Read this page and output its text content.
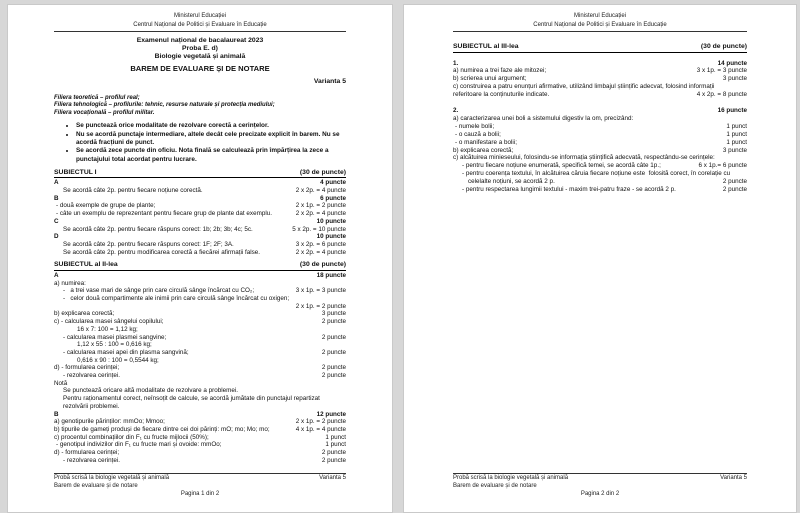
Ministerul Educației
Centrul Național de Politici și Evaluare în Educație
Examenul național de bacalaureat 2023
Proba E. d)
Biologie vegetală și animală
BAREM DE EVALUARE ȘI DE NOTARE
Varianta 5
Filiera teoretică – profilul real;
Filiera tehnologică – profilurile: tehnic, resurse naturale și protecția mediului;
Filiera vocațională – profilul militar.
• Se punctează orice modalitate de rezolvare corectă a cerințelor.
• Nu se acordă punctaje intermediare, altele decât cele precizate explicit în barem. Nu se acordă fracțiuni de punct.
• Se acordă zece puncte din oficiu. Nota finală se calculează prin împărțirea la zece a punctajului total acordat pentru lucrare.
SUBIECTUL I	(30 de puncte)
A	4 puncte
Se acordă câte 2p. pentru fiecare noțiune corectă.	2 x 2p. = 4 puncte
B	6 puncte
- două exemple de grupe de plante;	2 x 1p. = 2 puncte
- câte un exemplu de reprezentant pentru fiecare grup de plante dat exemplu.	2 x 2p. = 4 puncte
C	10 puncte
Se acordă câte 2p. pentru fiecare răspuns corect: 1b; 2b; 3b; 4c; 5c.	5 x 2p. = 10 puncte
D	10 puncte
Se acordă câte 2p. pentru fiecare răspuns corect: 1F; 2F; 3A.	3 x 2p. = 6 puncte
Se acordă câte 2p. pentru modificarea corectă a fiecărei afirmații false.	2 x 2p. = 4 puncte
SUBIECTUL al II-lea	(30 de puncte)
A	18 puncte
a) numirea:
-   a trei vase mari de sânge prin care circulă sânge încărcat cu CO₂;	3 x 1p. = 3 puncte
-   celor două compartimente ale inimii prin care circulă sânge încărcat cu oxigen;
2 x 1p. = 2 puncte
b) explicarea corectă;	3 puncte
c) - calcularea masei sângelui copilului;	2 puncte
16 x 7: 100 = 1,12 kg;
- calcularea masei plasmei sangvine;	2 puncte
1,12 x 55 : 100 = 0,616 kg;
- calcularea masei apei din plasma sangvină;	2 puncte
0,616 x 90 : 100 = 0,5544 kg;
d) - formularea cerinței;	2 puncte
- rezolvarea cerinței.	2 puncte
Notă
Se punctează oricare altă modalitate de rezolvare a problemei.
Pentru raționamentul corect, neînsoțit de calcule, se acordă jumătate din punctajul repartizat
rezolvării problemei.
B	12 puncte
a) genotipurile părinților: mmOo; Mmoo;	2 x 1p. = 2 puncte
b) tipurile de gameți produși de fiecare dintre cei doi părinți: mO; mo; Mo; mo;	4 x 1p. = 4 puncte
c) procentul combinațiilor din F₁ cu fructe mijlocii (50%);	1 punct
- genotipul indivizilor din F₁ cu fructe mari și ovoide: mmOo;	1 punct
d) - formularea cerinței;	2 puncte
- rezolvarea cerinței.	2 puncte
Probă scrisă la biologie vegetală și animală	Varianta 5
Barem de evaluare și de notare
Pagina 1 din 2
Ministerul Educației
Centrul Național de Politici și Evaluare în Educație
SUBIECTUL al III-lea	(30 de puncte)
1.	14 puncte
a) numirea a trei faze ale mitozei;	3 x 1p. = 3 puncte
b) scrierea unui argument;	3 puncte
c) construirea a patru enunțuri afirmative, utilizând limbajul științific adecvat, folosind informații
referitoare la conținuturile indicate.	4 x 2p. = 8 puncte
2.	16 puncte
a) caracterizarea unei boli a sistemului digestiv la om, precizând:
- numele bolii;	1 punct
- o cauză a bolii;	1 punct
- o manifestare a bolii;	1 punct
b) explicarea corectă;	3 puncte
c) alcătuirea minieseului, folosindu-se informația științifică adecvată, respectându-se cerințele:
- pentru fiecare noțiune enumerată, specifică temei, se acordă câte 1p.;	6 x 1p.= 6 puncte
- pentru coerența textului, în alcătuirea căruia fiecare noțiune este  folosită corect, în corelație cu
celelalte noțiuni, se acordă 2 p.	2 puncte
- pentru respectarea lungimii textului - maxim trei-patru fraze - se acordă 2 p.	2 puncte
Probă scrisă la biologie vegetală și animală	Varianta 5
Barem de evaluare și de notare
Pagina 2 din 2
